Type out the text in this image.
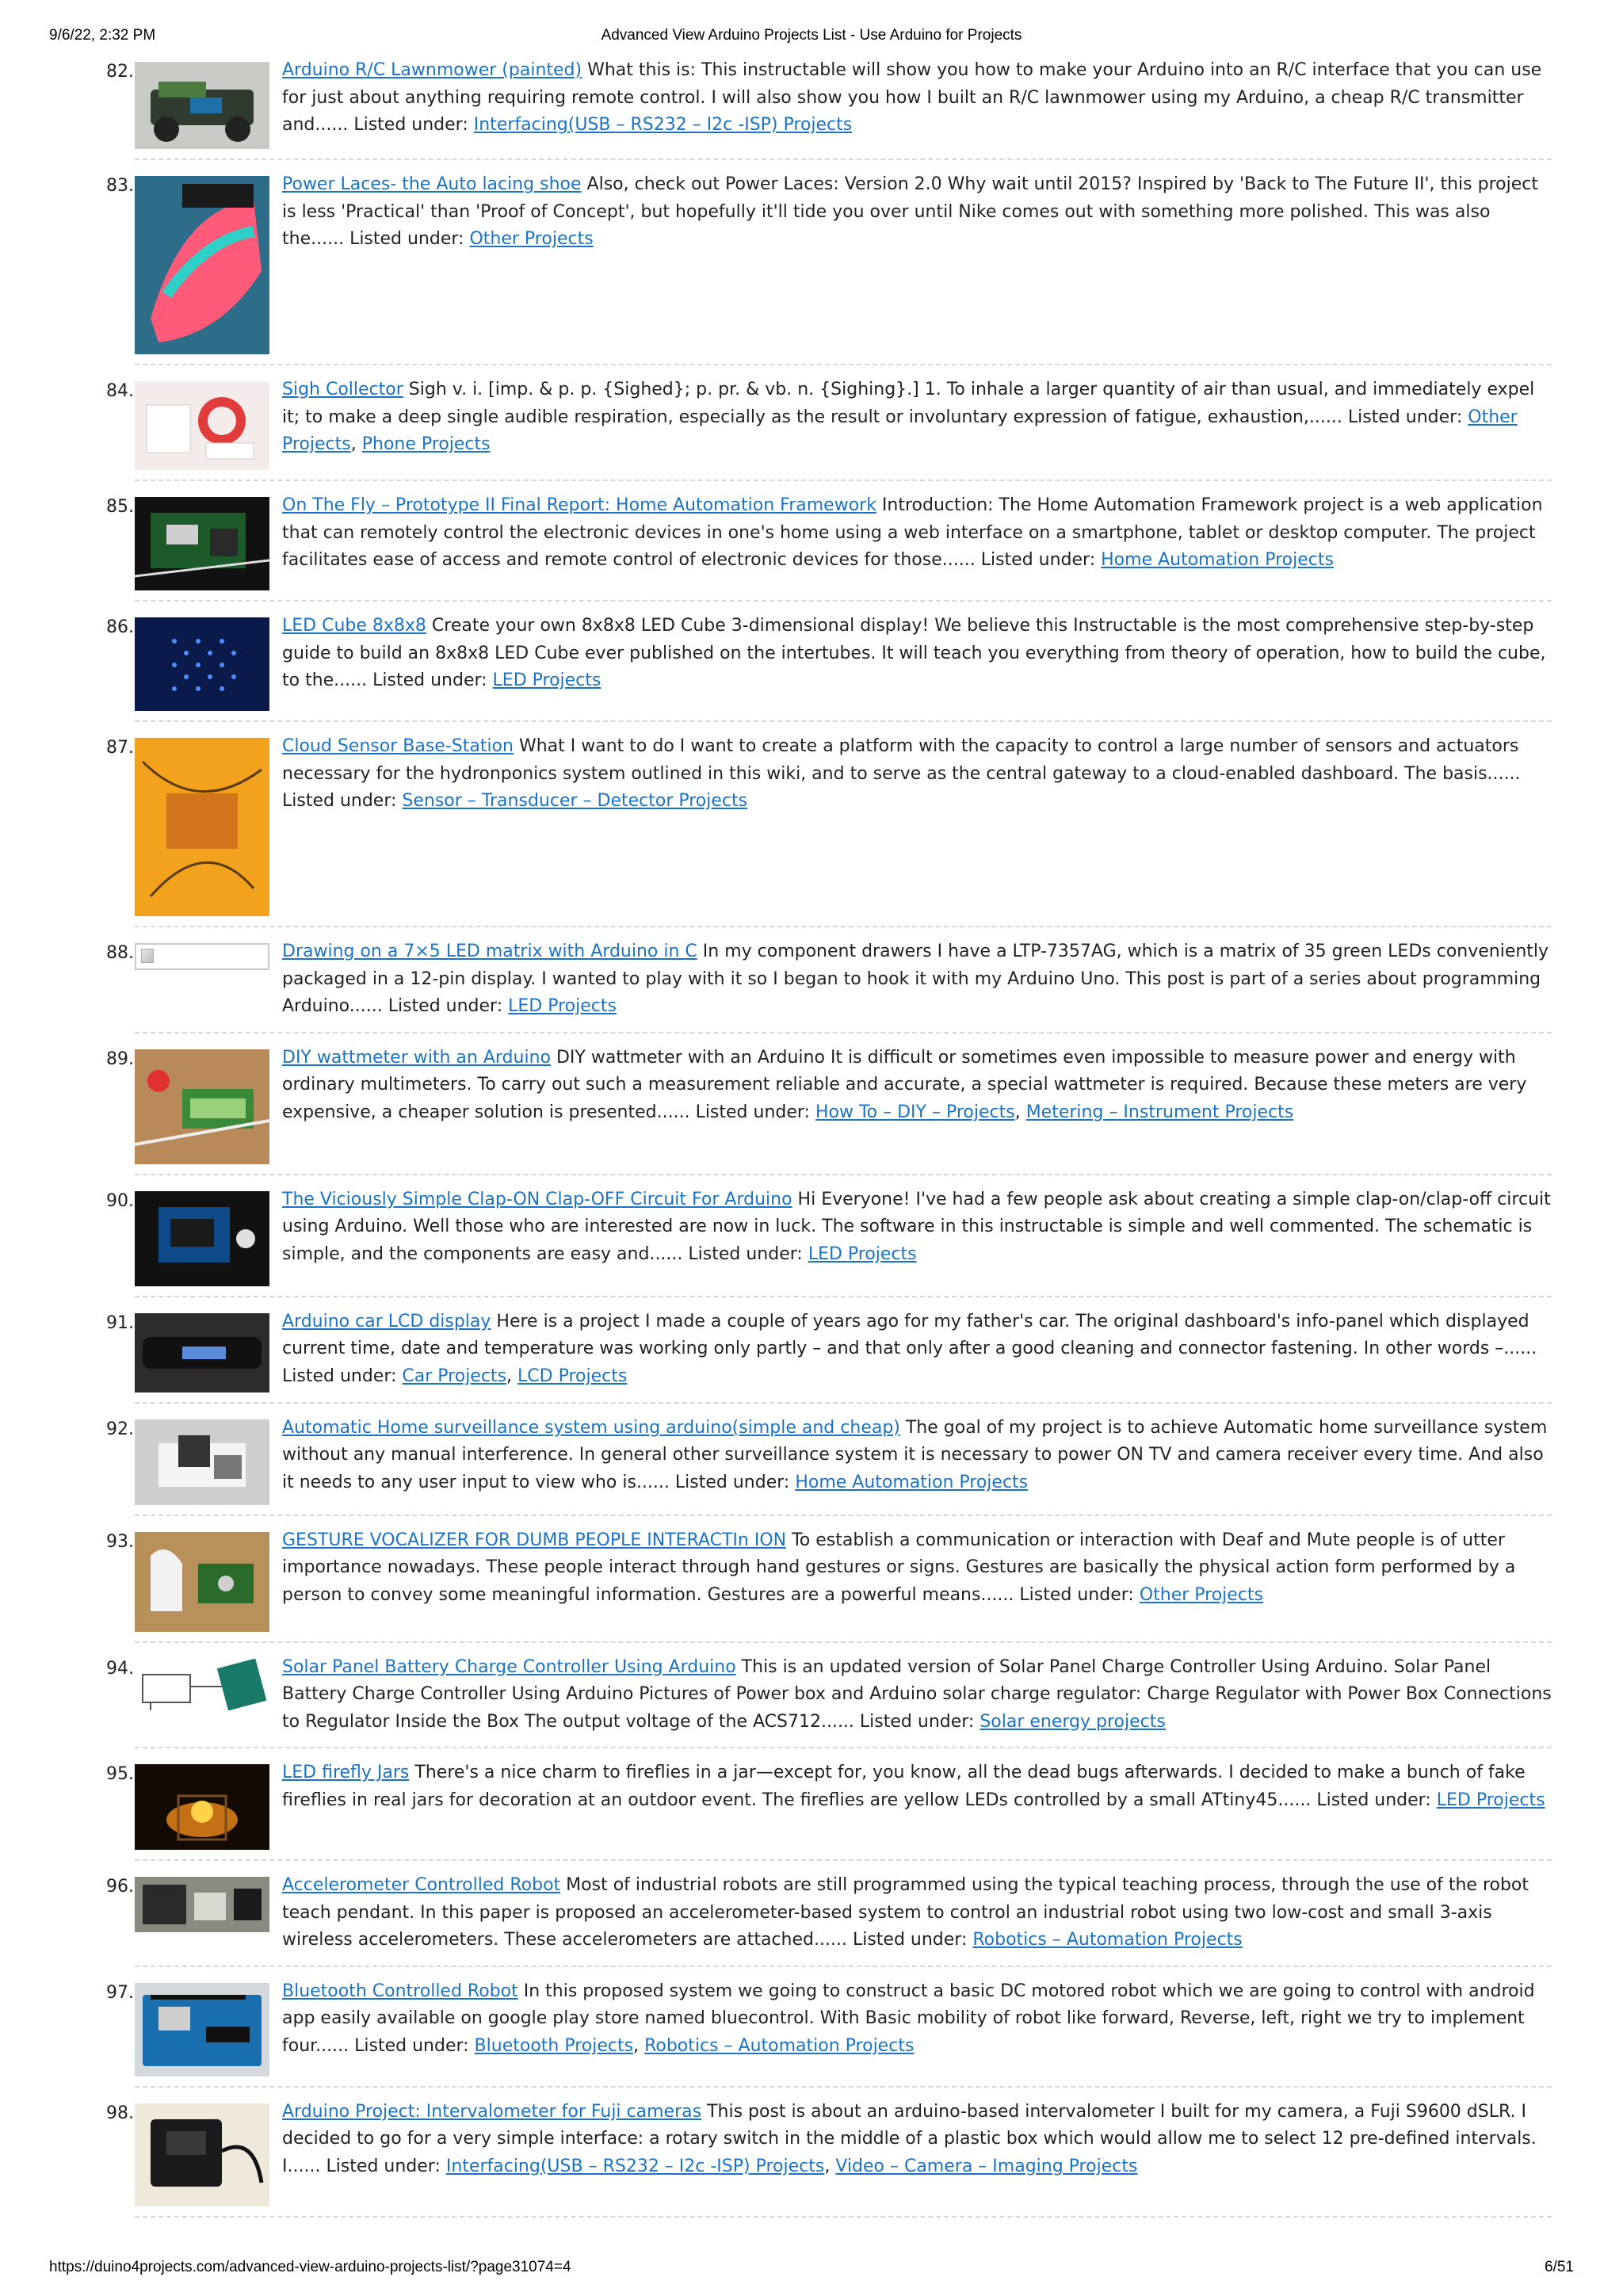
9/6/22, 2:32 PM	Advanced View Arduino Projects List - Use Arduino for Projects
82.	Arduino R/C Lawnmower (painted) What this is: This instructable will show you how to make your Arduino into an R/C interface that you can use for just about anything requiring remote control. I will also show you how I built an R/C lawnmower using my Arduino, a cheap R/C transmitter and...... Listed under: Interfacing(USB – RS232 – I2c -ISP) Projects
83.	Power Laces- the Auto lacing shoe Also, check out Power Laces: Version 2.0 Why wait until 2015? Inspired by 'Back to The Future II', this project is less 'Practical' than 'Proof of Concept', but hopefully it'll tide you over until Nike comes out with something more polished. This was also the...... Listed under: Other Projects
84.	Sigh Collector Sigh v. i. [imp. & p. p. {Sighed}; p. pr. & vb. n. {Sighing}.] 1. To inhale a larger quantity of air than usual, and immediately expel it; to make a deep single audible respiration, especially as the result or involuntary expression of fatigue, exhaustion,...... Listed under: Other Projects, Phone Projects
85.	On The Fly – Prototype II Final Report: Home Automation Framework Introduction: The Home Automation Framework project is a web application that can remotely control the electronic devices in one's home using a web interface on a smartphone, tablet or desktop computer. The project facilitates ease of access and remote control of electronic devices for those...... Listed under: Home Automation Projects
86.	LED Cube 8x8x8 Create your own 8x8x8 LED Cube 3-dimensional display! We believe this Instructable is the most comprehensive step-by-step guide to build an 8x8x8 LED Cube ever published on the intertubes. It will teach you everything from theory of operation, how to build the cube, to the...... Listed under: LED Projects
87.	Cloud Sensor Base-Station What I want to do I want to create a platform with the capacity to control a large number of sensors and actuators necessary for the hydronponics system outlined in this wiki, and to serve as the central gateway to a cloud-enabled dashboard. The basis...... Listed under: Sensor – Transducer – Detector Projects
88.	Drawing on a 7×5 LED matrix with Arduino in C In my component drawers I have a LTP-7357AG, which is a matrix of 35 green LEDs conveniently packaged in a 12-pin display. I wanted to play with it so I began to hook it with my Arduino Uno. This post is part of a series about programming Arduino...... Listed under: LED Projects
89.	DIY wattmeter with an Arduino DIY wattmeter with an Arduino It is difficult or sometimes even impossible to measure power and energy with ordinary multimeters. To carry out such a measurement reliable and accurate, a special wattmeter is required. Because these meters are very expensive, a cheaper solution is presented...... Listed under: How To – DIY – Projects, Metering – Instrument Projects
90.	The Viciously Simple Clap-ON Clap-OFF Circuit For Arduino Hi Everyone! I've had a few people ask about creating a simple clap-on/clap-off circuit using Arduino. Well those who are interested are now in luck. The software in this instructable is simple and well commented. The schematic is simple, and the components are easy and...... Listed under: LED Projects
91.	Arduino car LCD display Here is a project I made a couple of years ago for my father's car. The original dashboard's info-panel which displayed current time, date and temperature was working only partly – and that only after a good cleaning and connector fastening. In other words –...... Listed under: Car Projects, LCD Projects
92.	Automatic Home surveillance system using arduino(simple and cheap) The goal of my project is to achieve Automatic home surveillance system without any manual interference. In general other surveillance system it is necessary to power ON TV and camera receiver every time. And also it needs to any user input to view who is...... Listed under: Home Automation Projects
93.	GESTURE VOCALIZER FOR DUMB PEOPLE INTERACTIn ION To establish a communication or interaction with Deaf and Mute people is of utter importance nowadays. These people interact through hand gestures or signs. Gestures are basically the physical action form performed by a person to convey some meaningful information. Gestures are a powerful means...... Listed under: Other Projects
94.	Solar Panel Battery Charge Controller Using Arduino This is an updated version of Solar Panel Charge Controller Using Arduino. Solar Panel Battery Charge Controller Using Arduino Pictures of Power box and Arduino solar charge regulator: Charge Regulator with Power Box Connections to Regulator Inside the Box The output voltage of the ACS712...... Listed under: Solar energy projects
95.	LED firefly Jars There's a nice charm to fireflies in a jar—except for, you know, all the dead bugs afterwards. I decided to make a bunch of fake fireflies in real jars for decoration at an outdoor event. The fireflies are yellow LEDs controlled by a small ATtiny45...... Listed under: LED Projects
96.	Accelerometer Controlled Robot Most of industrial robots are still programmed using the typical teaching process, through the use of the robot teach pendant. In this paper is proposed an accelerometer-based system to control an industrial robot using two low-cost and small 3-axis wireless accelerometers. These accelerometers are attached...... Listed under: Robotics – Automation Projects
97.	Bluetooth Controlled Robot In this proposed system we going to construct a basic DC motored robot which we are going to control with android app easily available on google play store named bluecontrol. With Basic mobility of robot like forward, Reverse, left, right we try to implement four...... Listed under: Bluetooth Projects, Robotics – Automation Projects
98.	Arduino Project: Intervalometer for Fuji cameras This post is about an arduino-based intervalometer I built for my camera, a Fuji S9600 dSLR. I decided to go for a very simple interface: a rotary switch in the middle of a plastic box which would allow me to select 12 pre-defined intervals. I...... Listed under: Interfacing(USB – RS232 – I2c -ISP) Projects, Video – Camera – Imaging Projects
https://duino4projects.com/advanced-view-arduino-projects-list/?page31074=4	6/51
